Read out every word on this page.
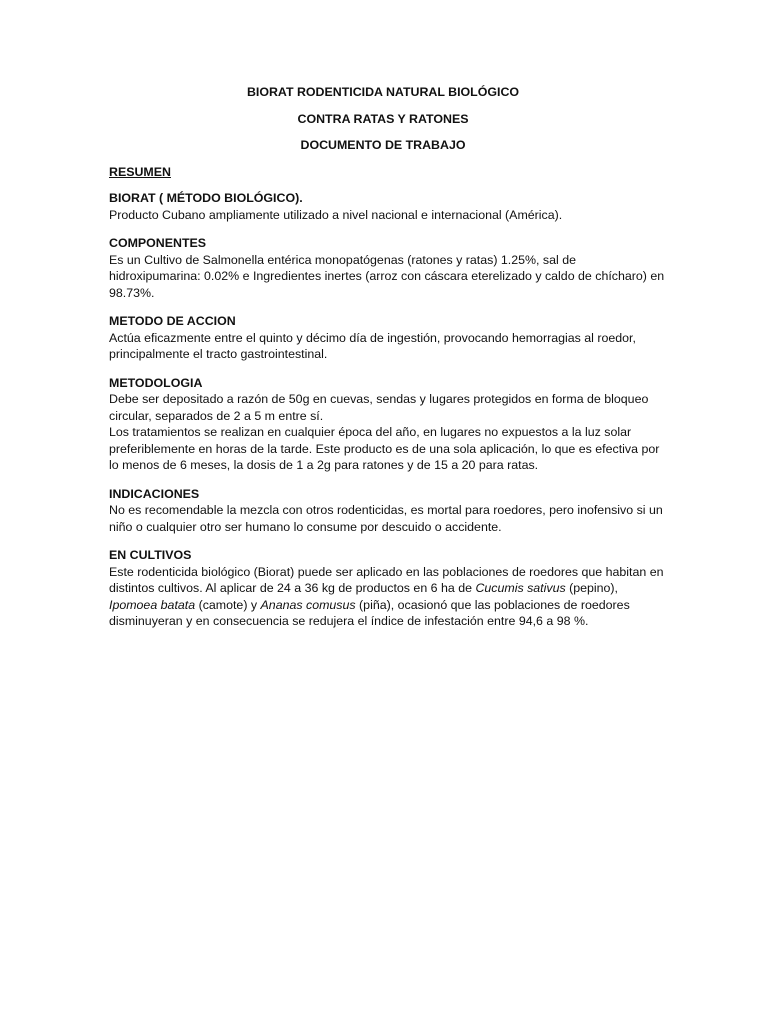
BIORAT RODENTICIDA NATURAL BIOLÓGICO

CONTRA RATAS Y RATONES

DOCUMENTO DE TRABAJO

RESUMEN

BIORAT ( MÉTODO BIOLÓGICO).

Producto Cubano ampliamente utilizado a nivel nacional e internacional (América).

COMPONENTES

Es un Cultivo de Salmonella entérica monopatógenas (ratones y ratas) 1.25%, sal de hidroxipumarina: 0.02% e Ingredientes inertes (arroz con cáscara eterelizado y caldo de chícharo) en 98.73%.

METODO DE ACCION

Actúa eficazmente entre el quinto y décimo día de ingestión, provocando hemorragias al roedor, principalmente el tracto gastrointestinal.

METODOLOGIA

Debe ser depositado a razón de 50g en cuevas, sendas y lugares protegidos en forma de bloqueo circular, separados de 2 a 5 m entre sí.

Los tratamientos se realizan en cualquier época del año, en lugares no expuestos a la luz solar preferiblemente en horas de la tarde. Este producto es de una sola aplicación, lo que es efectiva por lo menos de 6 meses, la dosis de 1 a 2g para ratones y de 15 a 20 para ratas.

INDICACIONES

No es recomendable la mezcla con otros rodenticidas, es mortal para roedores, pero inofensivo si un niño o cualquier otro ser humano lo consume por descuido o accidente.

EN CULTIVOS

Este rodenticida biológico (Biorat) puede ser aplicado en las poblaciones de roedores que habitan en distintos cultivos. Al aplicar de 24 a 36 kg de productos en 6 ha de Cucumis sativus (pepino), Ipomoea batata (camote) y Ananas comusus (piña), ocasionó que las poblaciones de roedores disminuyeran y en consecuencia se redujera el índice de infestación entre 94,6 a 98 %.
